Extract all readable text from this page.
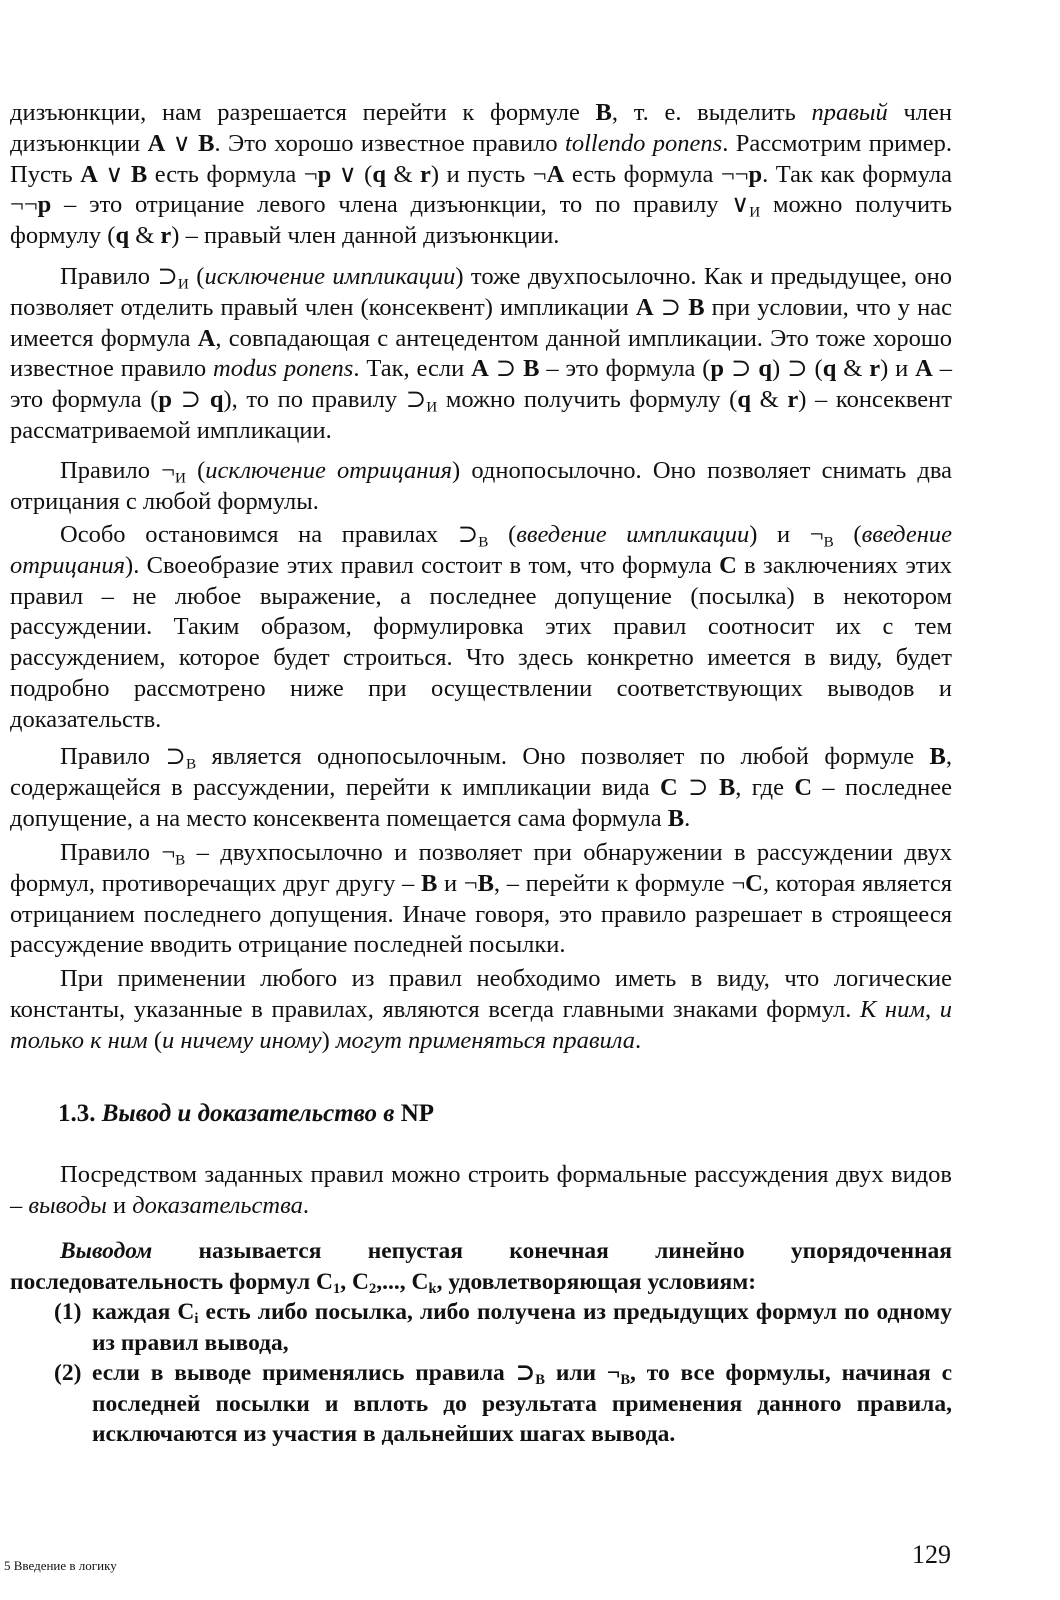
дизъюнкции, нам разрешается перейти к формуле B, т. е. выделить правый член дизъюнкции A ∨ B. Это хорошо известное правило tollendo ponens. Рассмотрим пример. Пусть A ∨ B есть формула ¬p ∨ (q & r) и пусть ¬A есть формула ¬¬p. Так как формула ¬¬p – это отрицание левого члена дизъюнкции, то по правилу $\vee_И$ можно получить формулу (q & r) – правый член данной дизъюнкции.

Правило $⊃_И$ (исключение импликации) тоже двухпосылочно. Как и предыдущее, оно позволяет отделить правый член (консеквент) импликации A ⊃ B при условии, что у нас имеется формула A, совпадающая с антецедентом данной импликации. Это тоже хорошо известное правило modus ponens. Так, если A ⊃ B – это формула (p ⊃ q) ⊃ (q & r) и A – это формула (p ⊃ q), то по правилу $⊃_И$ можно получить формулу (q & r) – консеквент рассматриваемой импликации.

Правило $\neg_И$ (исключение отрицания) однопосылочно. Оно позволяет снимать два отрицания с любой формулы.

Особо остановимся на правилах $⊃_В$ (введение импликации) и $\neg_В$ (введение отрицания). Своеобразие этих правил состоит в том, что формула C в заключениях этих правил – не любое выражение, а последнее допущение (посылка) в некотором рассуждении. Таким образом, формулировка этих правил соотносит их с тем рассуждением, которое будет строиться. Что здесь конкретно имеется в виду, будет подробно рассмотрено ниже при осуществлении соответствующих выводов и доказательств.

Правило $⊃_В$ является однопосылочным. Оно позволяет по любой формуле B, содержащейся в рассуждении, перейти к импликации вида C ⊃ B, где C – последнее допущение, а на место консеквента помещается сама формула B.

Правило $\neg_В$ – двухпосылочно и позволяет при обнаружении в рассуждении двух формул, противоречащих друг другу – B и ¬B, – перейти к формуле ¬C, которая является отрицанием последнего допущения. Иначе говоря, это правило разрешает в строящееся рассуждение вводить отрицание последней посылки.

При применении любого из правил необходимо иметь в виду, что логические константы, указанные в правилах, являются всегда главными знаками формул. К ним, и только к ним (и ничему иному) могут применяться правила.

Посредством заданных правил можно строить формальные рассуждения двух видов – выводы и доказательства.

1.3. Вывод и доказательство в NP

Выводом называется непустая конечная линейно упорядоченная последовательность формул $C_1$, $C_2$,..., $C_k$, удовлетворяющая условиям:

(1) каждая $C_i$ есть либо посылка, либо получена из предыдущих формул по одному из правил вывода,
(2) если в выводе применялись правила $⊃_В$ или $\neg_В$, то все формулы, начиная с последней посылки и вплоть до результата применения данного правила, исключаются из участия в дальнейших шагах вывода.
5 Введение в логику	129
